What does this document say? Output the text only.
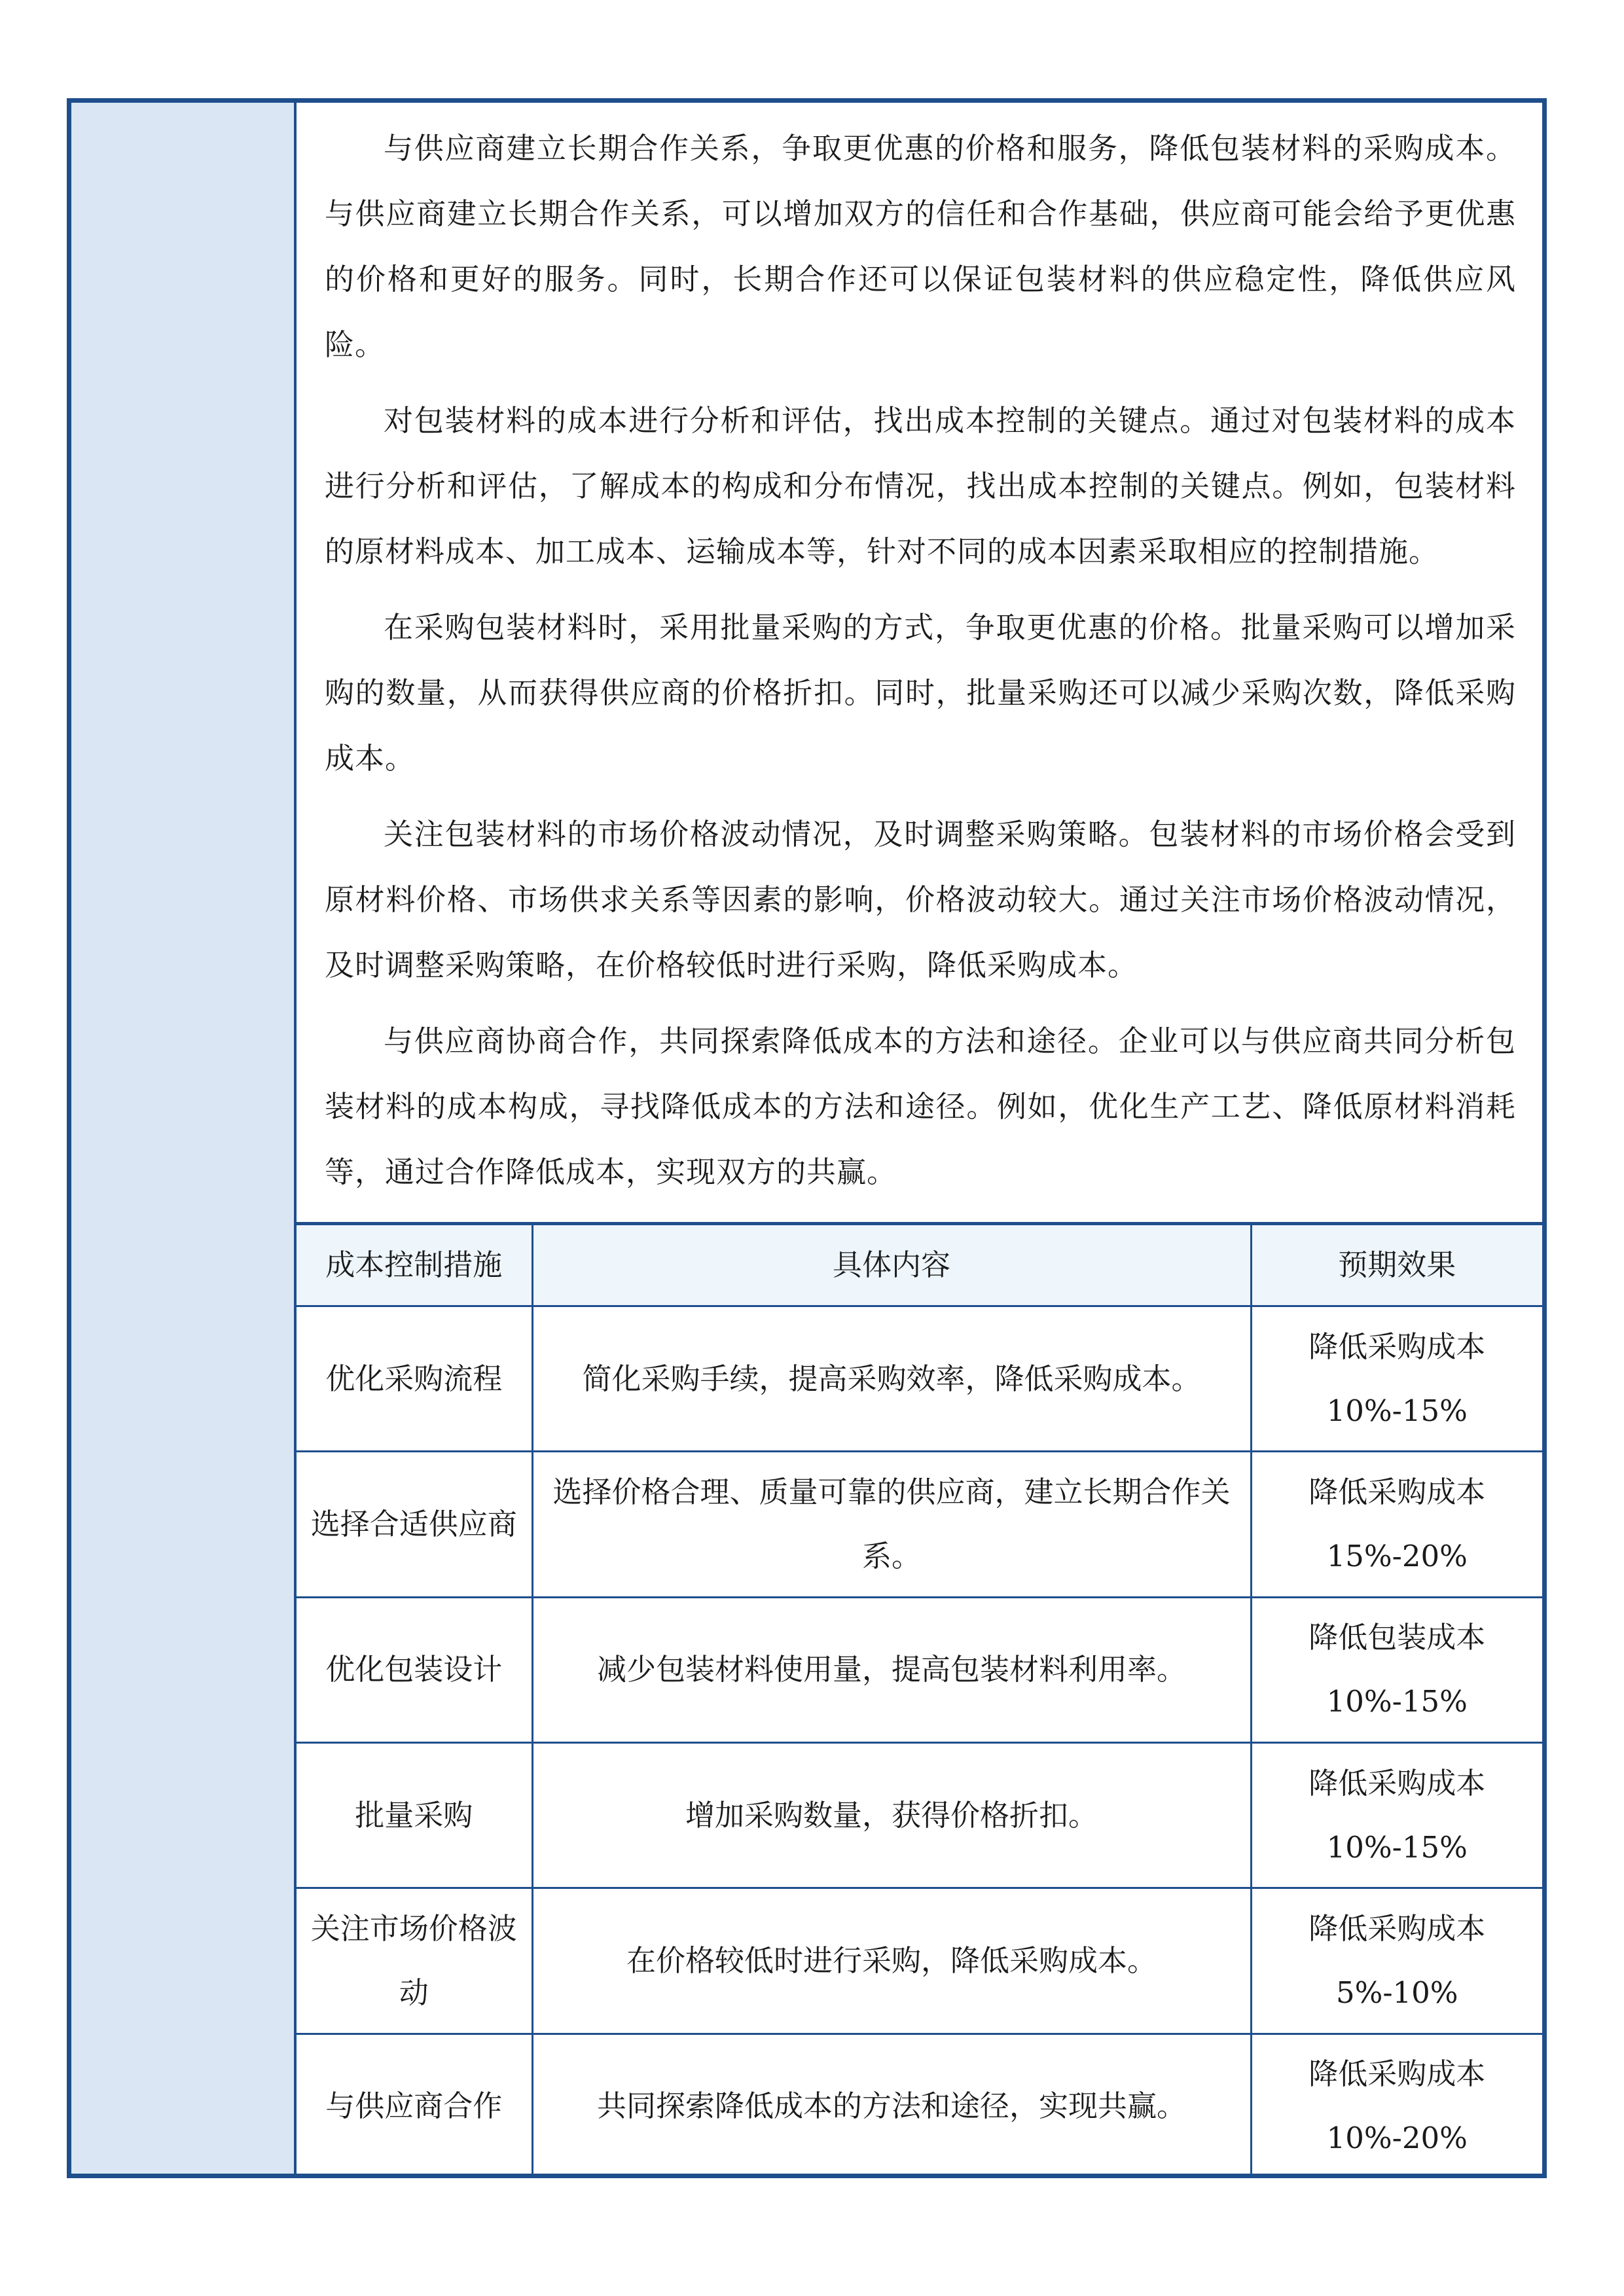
与供应商建立长期合作关系，争取更优惠的价格和服务，降低包装材料的采购成本。与供应商建立长期合作关系，可以增加双方的信任和合作基础，供应商可能会给予更优惠的价格和更好的服务。同时，长期合作还可以保证包装材料的供应稳定性，降低供应风险。

对包装材料的成本进行分析和评估，找出成本控制的关键点。通过对包装材料的成本进行分析和评估，了解成本的构成和分布情况，找出成本控制的关键点。例如，包装材料的原材料成本、加工成本、运输成本等，针对不同的成本因素采取相应的控制措施。

在采购包装材料时，采用批量采购的方式，争取更优惠的价格。批量采购可以增加采购的数量，从而获得供应商的价格折扣。同时，批量采购还可以减少采购次数，降低采购成本。

关注包装材料的市场价格波动情况，及时调整采购策略。包装材料的市场价格会受到原材料价格、市场供求关系等因素的影响，价格波动较大。通过关注市场价格波动情况，及时调整采购策略，在价格较低时进行采购，降低采购成本。

与供应商协商合作，共同探索降低成本的方法和途径。企业可以与供应商共同分析包装材料的成本构成，寻找降低成本的方法和途径。例如，优化生产工艺、降低原材料消耗等，通过合作降低成本，实现双方的共赢。

成本控制措施	具体内容	预期效果
优化采购流程	简化采购手续，提高采购效率，降低采购成本。	降低采购成本 10%-15%
选择合适供应商	选择价格合理、质量可靠的供应商，建立长期合作关系。	降低采购成本 15%-20%
优化包装设计	减少包装材料使用量，提高包装材料利用率。	降低包装成本 10%-15%
批量采购	增加采购数量，获得价格折扣。	降低采购成本 10%-15%
关注市场价格波动	在价格较低时进行采购，降低采购成本。	降低采购成本 5%-10%
与供应商合作	共同探索降低成本的方法和途径，实现共赢。	降低采购成本 10%-20%
